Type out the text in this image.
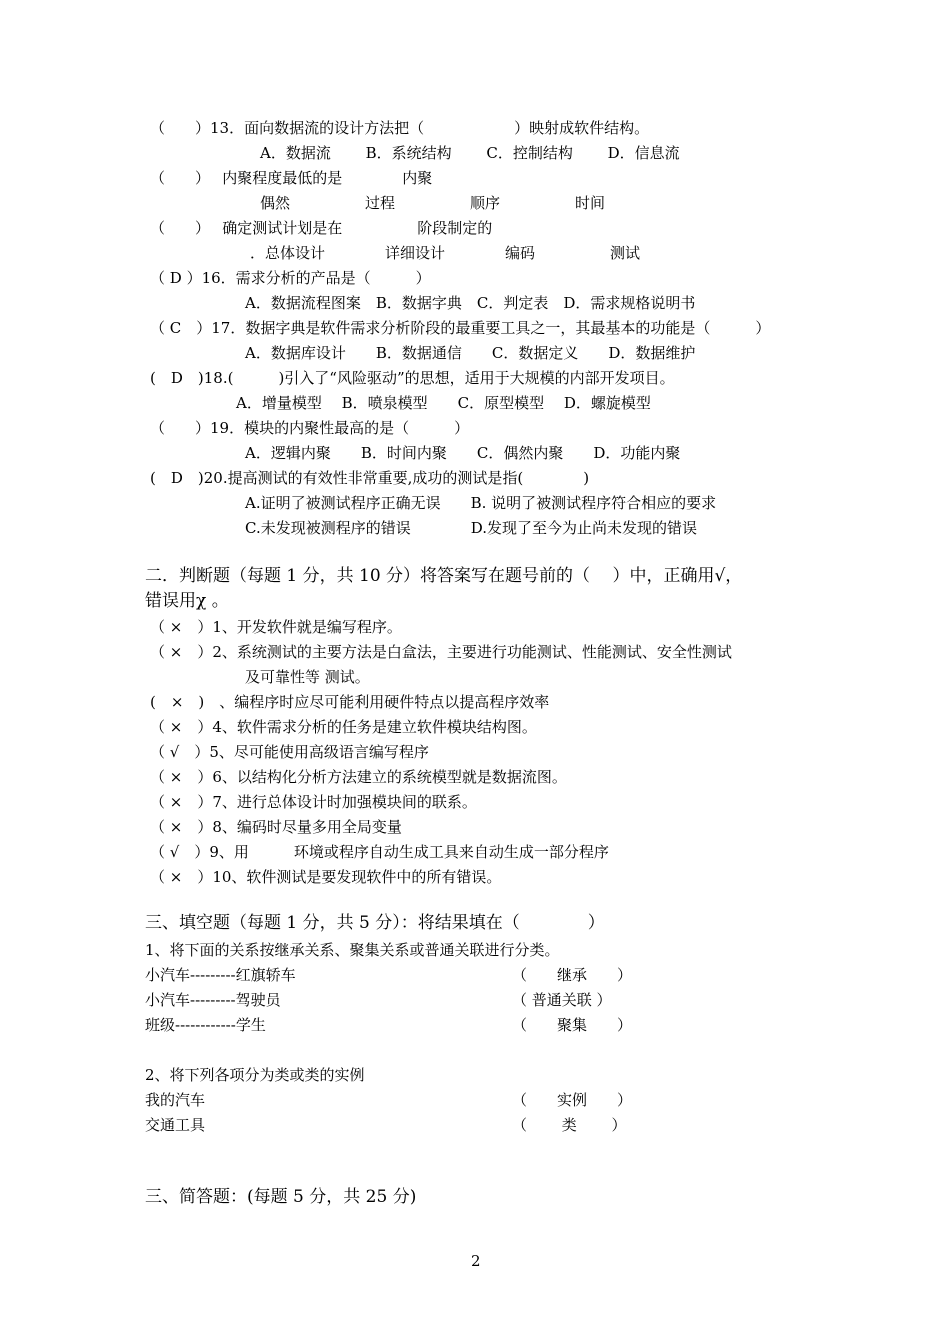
（　　）13．面向数据流的设计方法把（　　　　　　）映射成软件结构。
A．数据流　　 B．系统结构　　 C．控制结构　　 D．信息流
（　　）　 内聚程度最低的是　　　　内聚
偶然　　　　　过程　　　　　顺序　　　　　时间
（　　）　 确定测试计划是在　　　　　阶段制定的
．总体设计　　　　详细设计　　　　编码　　　　　测试
（ D ）16．需求分析的产品是（　　　）
A．数据流程图案　B．数据字典　C．判定表　D．需求规格说明书
（ C　）17．数据字典是软件需求分析阶段的最重要工具之一，其最基本的功能是（　　　）
A．数据库设计　　B．数据通信　　C．数据定义　　D．数据维护
(　D　)18.(　　　)引入了“风险驱动”的思想，适用于大规模的内部开发项目。
A．增量模型　 B．喷泉模型　　C．原型模型　 D．螺旋模型
（　　）19．模块的内聚性最高的是（　　　）
A．逻辑内聚　　B．时间内聚　　C．偶然内聚　　D．功能内聚
(　D　)20.提高测试的有效性非常重要,成功的测试是指(　　　　)
A.证明了被测试程序正确无误　　B. 说明了被测试程序符合相应的要求
C.未发现被测程序的错误　　　　D.发现了至今为止尚未发现的错误
二．判断题（每题 1 分，共 10 分）将答案写在题号前的（　 ）中，正确用√，
错误用χ 。
（ ×　）1、开发软件就是编写程序。
（ ×　）2、系统测试的主要方法是白盒法，主要进行功能测试、性能测试、安全性测试
及可靠性等 测试。
(　×　)　、编程序时应尽可能利用硬件特点以提高程序效率
（ ×　）4、软件需求分析的任务是建立软件模块结构图。
（ √　）5、尽可能使用高级语言编写程序
（ ×　）6、以结构化分析方法建立的系统模型就是数据流图。
（ ×　）7、进行总体设计时加强模块间的联系。
（ ×　）8、编码时尽量多用全局变量
（ √　）9、用　　　环境或程序自动生成工具来自动生成一部分程序
（ ×　）10、软件测试是要发现软件中的所有错误。
三、填空题（每题 1 分，共 5 分）：将结果填在（　　　　）
1、将下面的关系按继承关系、聚集关系或普通关联进行分类。
小汽车---------红旗轿车	（　　继承　　）
小汽车---------驾驶员	（ 普通关联 ）
班级------------学生	（　　聚集　　）
2、将下列各项分为类或类的实例
我的汽车	（　　实例　　）
交通工具	（　　 类　　 ）
三、简答题：(每题 5 分，共 25 分)
2
